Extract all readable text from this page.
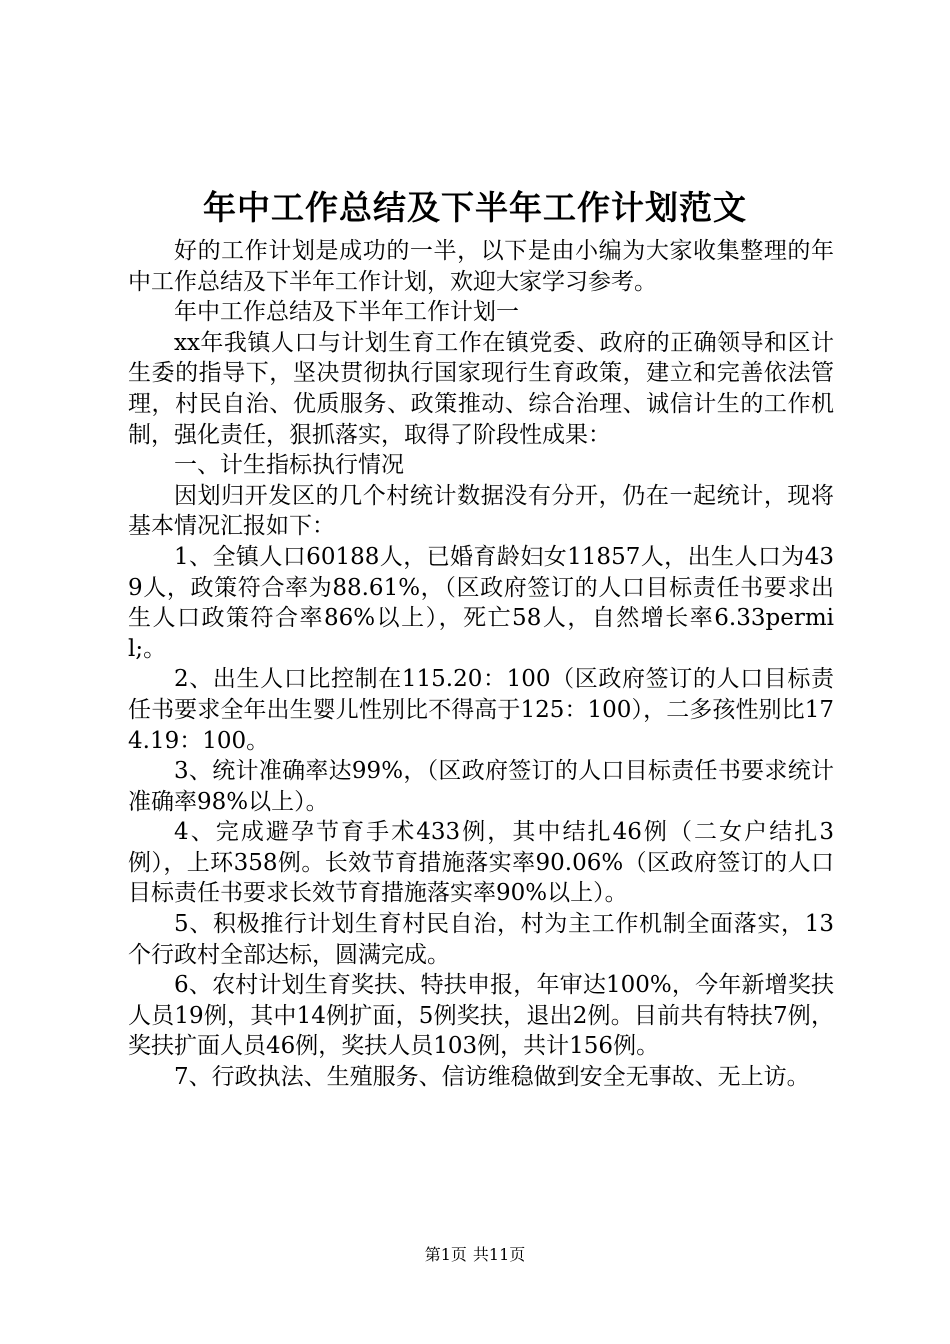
年中工作总结及下半年工作计划范文

好的工作计划是成功的一半，以下是由小编为大家收集整理的年中工作总结及下半年工作计划，欢迎大家学习参考。

年中工作总结及下半年工作计划一

xx年我镇人口与计划生育工作在镇党委、政府的正确领导和区计生委的指导下，坚决贯彻执行国家现行生育政策，建立和完善依法管理，村民自治、优质服务、政策推动、综合治理、诚信计生的工作机制，强化责任，狠抓落实，取得了阶段性成果：

一、计生指标执行情况

因划归开发区的几个村统计数据没有分开，仍在一起统计，现将基本情况汇报如下：

1、全镇人口60188人，已婚育龄妇女11857人，出生人口为439人，政策符合率为88.61%，（区政府签订的人口目标责任书要求出生人口政策符合率86%以上），死亡58人，自然增长率6.33permil;。

2、出生人口比控制在115.20：100（区政府签订的人口目标责任书要求全年出生婴儿性别比不得高于125：100），二多孩性别比174.19：100。

3、统计准确率达99%，（区政府签订的人口目标责任书要求统计准确率98%以上）。

4、完成避孕节育手术433例，其中结扎46例（二女户结扎3例），上环358例。长效节育措施落实率90.06%（区政府签订的人口目标责任书要求长效节育措施落实率90%以上）。

5、积极推行计划生育村民自治，村为主工作机制全面落实，13个行政村全部达标，圆满完成。

6、农村计划生育奖扶、特扶申报，年审达100%，今年新增奖扶人员19例，其中14例扩面，5例奖扶，退出2例。目前共有特扶7例，奖扶扩面人员46例，奖扶人员103例，共计156例。

7、行政执法、生殖服务、信访维稳做到安全无事故、无上访。

第1页 共11页
